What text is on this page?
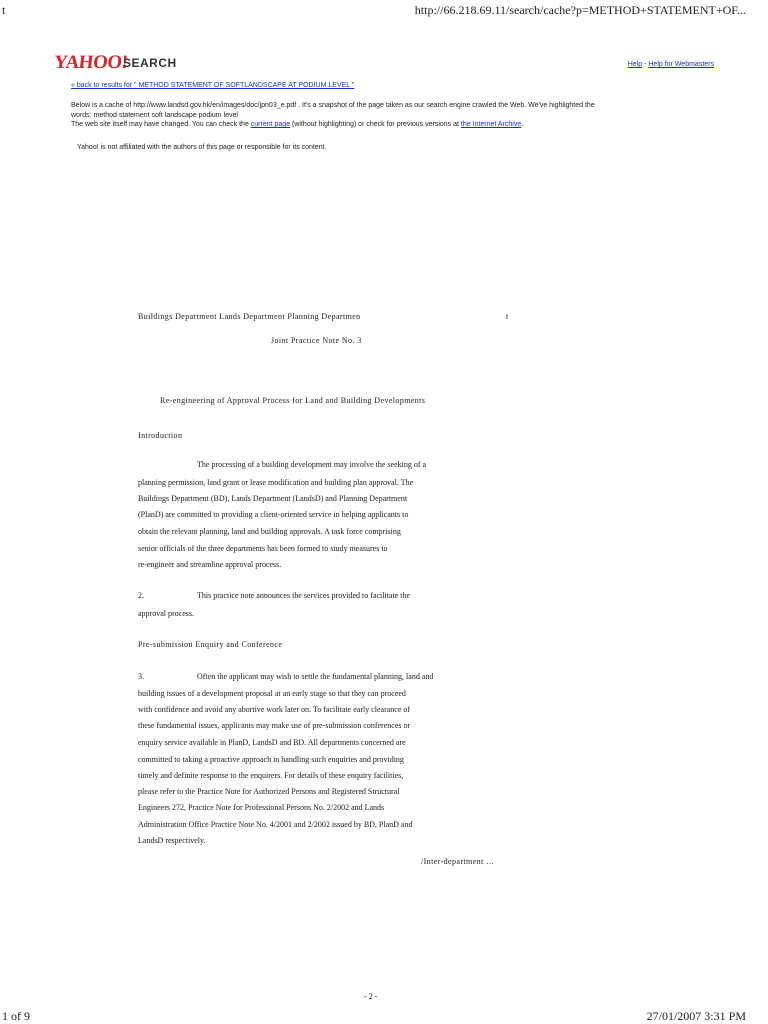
t	http://66.218.69.11/search/cache?p=METHOD+STATEMENT+OF...
YAHOO!
SEARCH	Help - Help for Webmasters
« back to results for " METHOD STATEMENT OF SOFTLANDSCAPE AT PODIUM LEVEL "
Below is a cache of http://www.landsd.gov.hk/en/images/doc/jpn03_e.pdf . It's a snapshot of the page taken as our search engine crawled the Web. We've highlighted the
words: method statement soft landscape podium level
The web site itself may have changed. You can check the current page (without highlighting) or check for previous versions at the Internet Archive.
Yahoo! is not affiliated with the authors of this page or responsible for its content.
Buildings Department Lands Department Planning Departmen	t
Joint Practice Note No. 3
Re-engineering of Approval Process for Land and Building Developments
Introduction
The processing of a building development may involve the seeking of a
planning permission, land grant or lease modification and building plan approval. The
Buildings Department (BD), Lands Department (LandsD) and Planning Department
(PlanD) are committed to providing a client-oriented service in helping applicants to
obtain the relevant planning, land and building approvals. A task force comprising
senior officials of the three departments has been formed to study measures to
re-engineer and streamline approval process.
2.	This practice note announces the services provided to facilitate the
approval process.
Pre-submission Enquiry and Conference
3.	Often the applicant may wish to settle the fundamental planning, land and
building issues of a development proposal at an early stage so that they can proceed
with confidence and avoid any abortive work later on. To facilitate early clearance of
these fundamental issues, applicants may make use of pre-submission conferences or
enquiry service available in PlanD, LandsD and BD. All departments concerned are
committed to taking a proactive approach in handling such enquiries and providing
timely and definite response to the enquirers. For details of these enquiry facilities,
please refer to the Practice Note for Authorized Persons and Registered Structural
Engineers 272, Practice Note for Professional Persons No. 2/2002 and Lands
Administration Office Practice Note No. 4/2001 and 2/2002 issued by BD, PlanD and
LandsD respectively.
/Inter-department …
- 2 -
1 of 9	27/01/2007 3:31 PM
